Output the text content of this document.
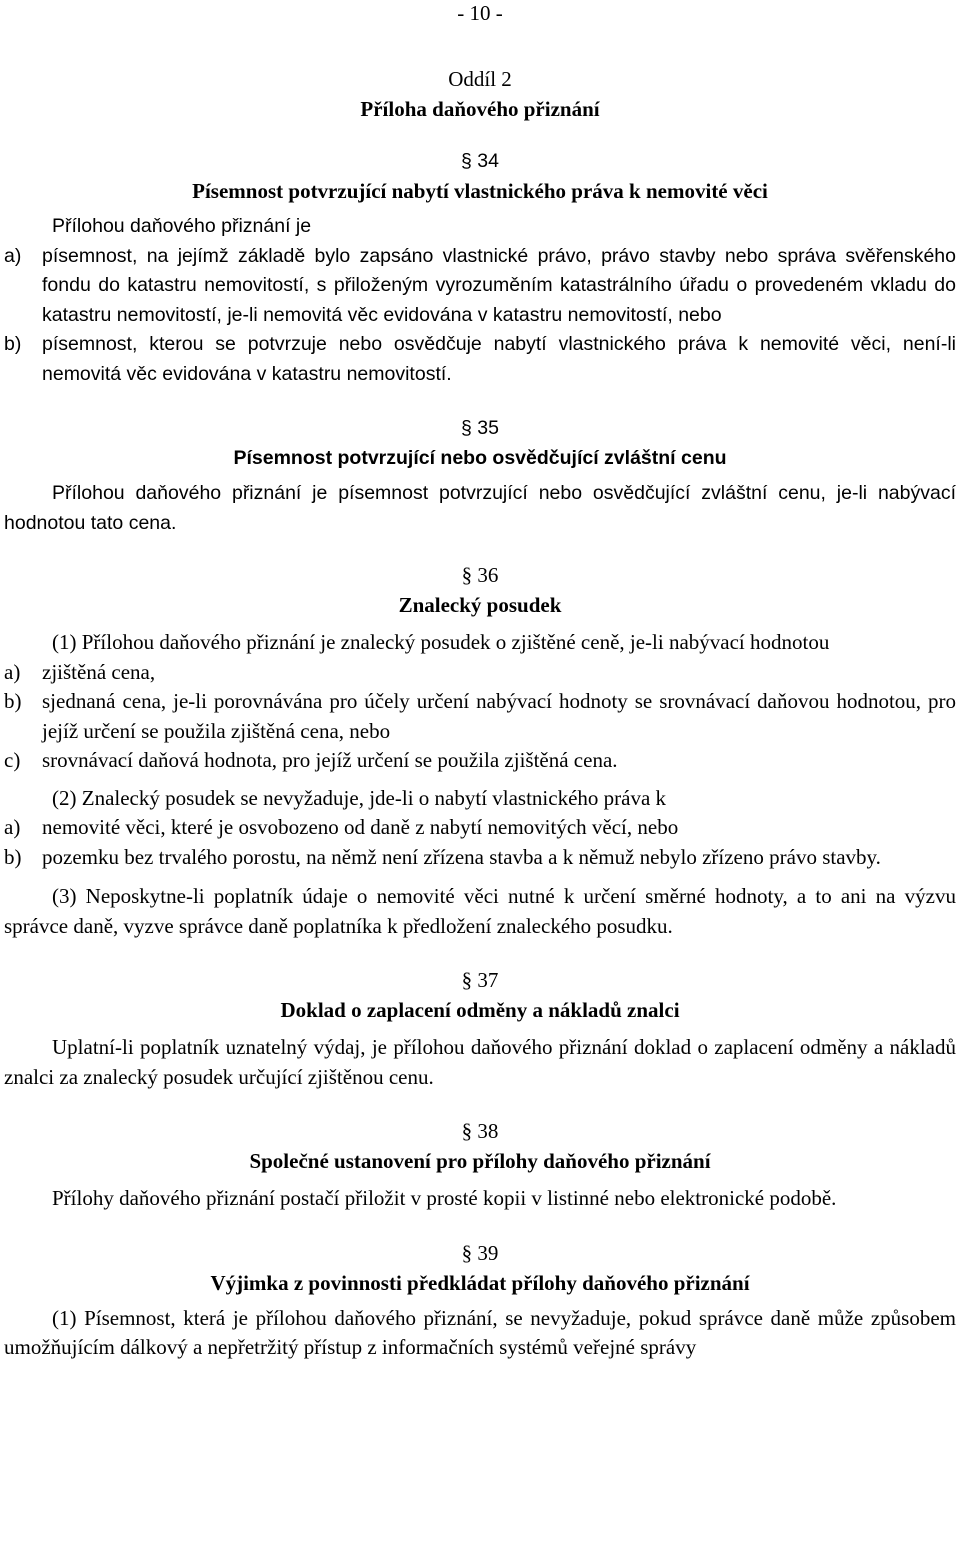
- 10 -
Oddíl 2
Příloha daňového přiznání
§ 34
Písemnost potvrzující nabytí vlastnického práva k nemovité věci
Přílohou daňového přiznání je
a)	písemnost, na jejímž základě bylo zapsáno vlastnické právo, právo stavby nebo správa svěřenského fondu do katastru nemovitostí, s přiloženým vyrozuměním katastrálního úřadu o provedeném vkladu do katastru nemovitostí, je-li nemovitá věc evidována v katastru nemovitostí, nebo
b)	písemnost, kterou se potvrzuje nebo osvědčuje nabytí vlastnického práva k nemovité věci, není-li nemovitá věc evidována v katastru nemovitostí.
§ 35
Písemnost potvrzující nebo osvědčující zvláštní cenu
Přílohou daňového přiznání je písemnost potvrzující nebo osvědčující zvláštní cenu, je-li nabývací hodnotou tato cena.
§ 36
Znalecký posudek
(1) Přílohou daňového přiznání je znalecký posudek o zjištěné ceně, je-li nabývací hodnotou
a)	zjištěná cena,
b) sjednaná cena, je-li porovnávána pro účely určení nabývací hodnoty se srovnávací daňovou hodnotou, pro jejíž určení se použila zjištěná cena, nebo
c)	srovnávací daňová hodnota, pro jejíž určení se použila zjištěná cena.
(2) Znalecký posudek se nevyžaduje, jde-li o nabytí vlastnického práva k
a)	nemovité věci, které je osvobozeno od daně z nabytí nemovitých věcí, nebo
b) pozemku bez trvalého porostu, na němž není zřízena stavba a k němuž nebylo zřízeno právo stavby.
(3) Neposkytne-li poplatník údaje o nemovité věci nutné k určení směrné hodnoty, a to ani na výzvu správce daně, vyzve správce daně poplatníka k předložení znaleckého posudku.
§ 37
Doklad o zaplacení odměny a nákladů znalci
Uplatní-li poplatník uznatelný výdaj, je přílohou daňového přiznání doklad o zaplacení odměny a nákladů znalci za znalecký posudek určující zjištěnou cenu.
§ 38
Společné ustanovení pro přílohy daňového přiznání
Přílohy daňového přiznání postačí přiložit v prosté kopii v listinné nebo elektronické podobě.
§ 39
Výjimka z povinnosti předkládat přílohy daňového přiznání
(1) Písemnost, která je přílohou daňového přiznání, se nevyžaduje, pokud správce daně může způsobem umožňujícím dálkový a nepřetržitý přístup z informačních systémů veřejné správy
